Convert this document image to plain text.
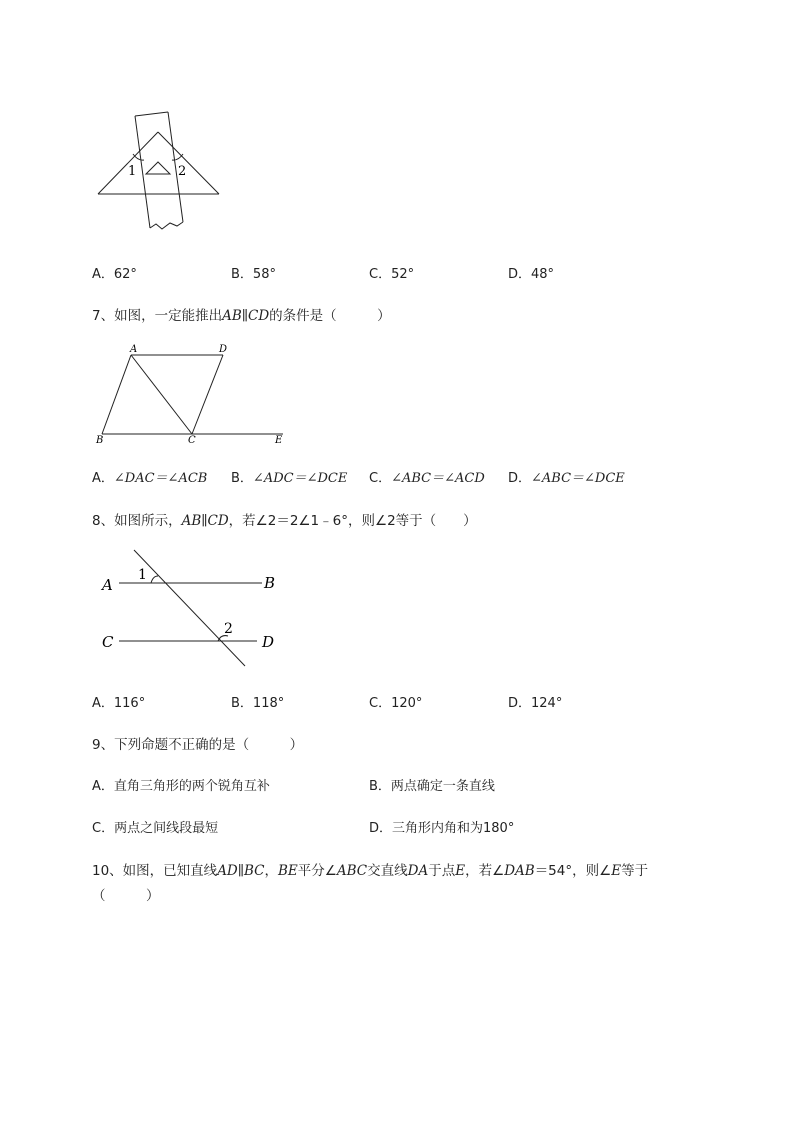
1	2
A．62°	B．58°	C．52°	D．48°
7、如图，一定能推出AB∥CD的条件是（　　　）
A	D
B	C	E
A．∠DAC＝∠ACB B．∠ADC＝∠DCE C．∠ABC＝∠ACD D．∠ABC＝∠DCE
8、如图所示，AB∥CD，若∠2＝2∠1﹣6°，则∠2等于（　　）
A	B
C	D
1
2
A．116°	B．118°	C．120°	D．124°
9、下列命题不正确的是（　　　）
A．直角三角形的两个锐角互补	B．两点确定一条直线
C．两点之间线段最短	D．三角形内角和为180°
10、如图，已知直线AD∥BC，BE平分∠ABC交直线DA于点E，若∠DAB＝54°，则∠E等于
（　　　）
